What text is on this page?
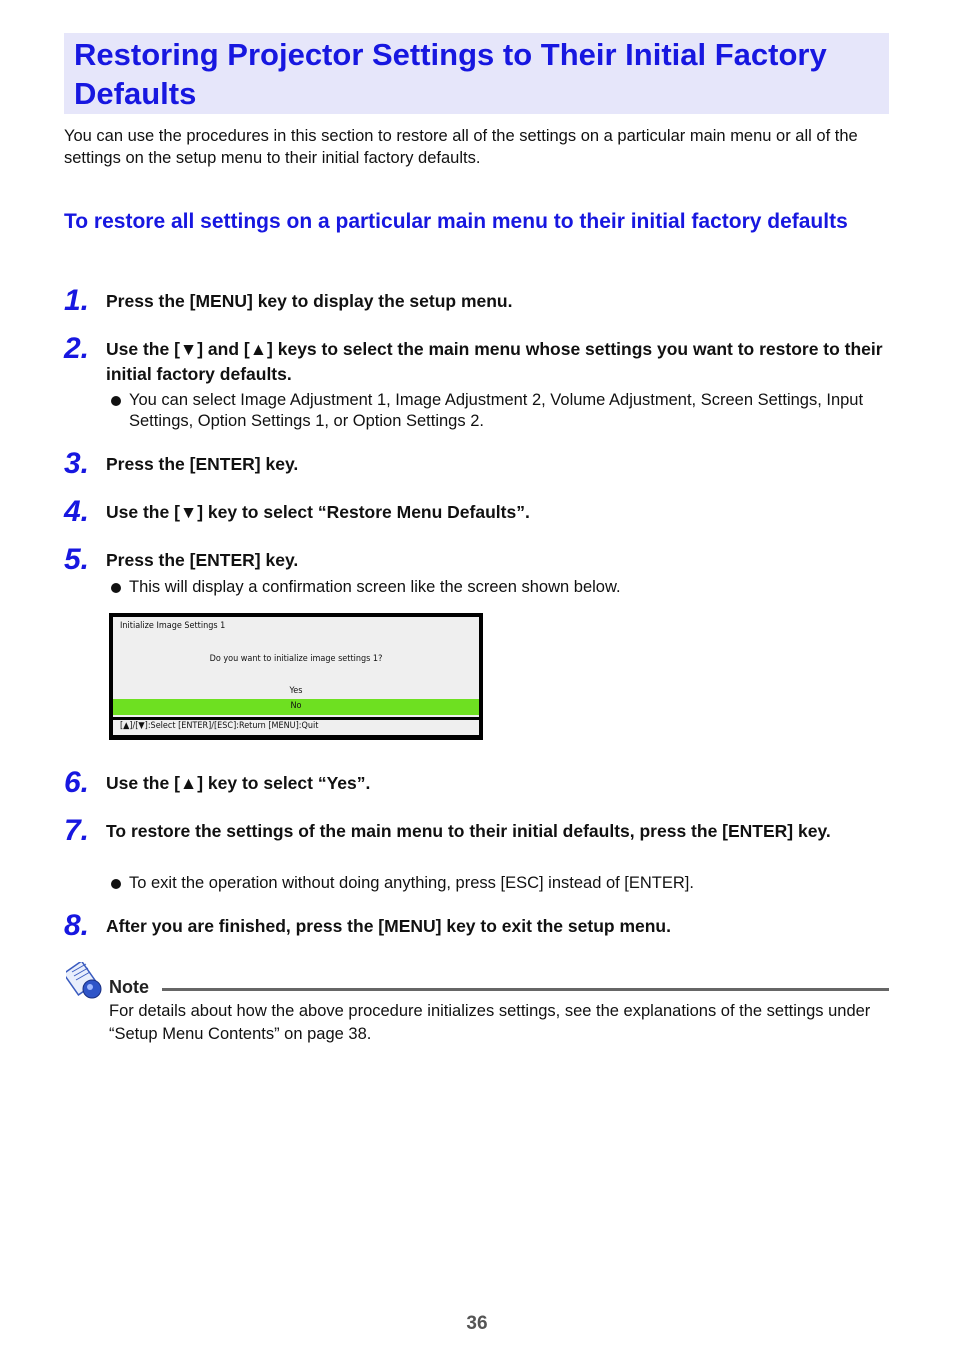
Restoring Projector Settings to Their Initial Factory Defaults

You can use the procedures in this section to restore all of the settings on a particular main menu or all of the settings on the setup menu to their initial factory defaults.

To restore all settings on a particular main menu to their initial factory defaults
1. Press the [MENU] key to display the setup menu.
2. Use the [▼] and [▲] keys to select the main menu whose settings you want to restore to their initial factory defaults.
You can select Image Adjustment 1, Image Adjustment 2, Volume Adjustment, Screen Settings, Input Settings, Option Settings 1, or Option Settings 2.
3. Press the [ENTER] key.
4. Use the [▼] key to select “Restore Menu Defaults”.
5. Press the [ENTER] key.
This will display a confirmation screen like the screen shown below.
Initialize Image Settings 1
Do you want to initialize image settings 1?
Yes
No
[▲]/[▼]:Select [ENTER]/[ESC]:Return [MENU]:Quit
6. Use the [▲] key to select “Yes”.
7. To restore the settings of the main menu to their initial defaults, press the [ENTER] key.
To exit the operation without doing anything, press [ESC] instead of [ENTER].
8. After you are finished, press the [MENU] key to exit the setup menu.
Note
For details about how the above procedure initializes settings, see the explanations of the settings under “Setup Menu Contents” on page 38.
36
